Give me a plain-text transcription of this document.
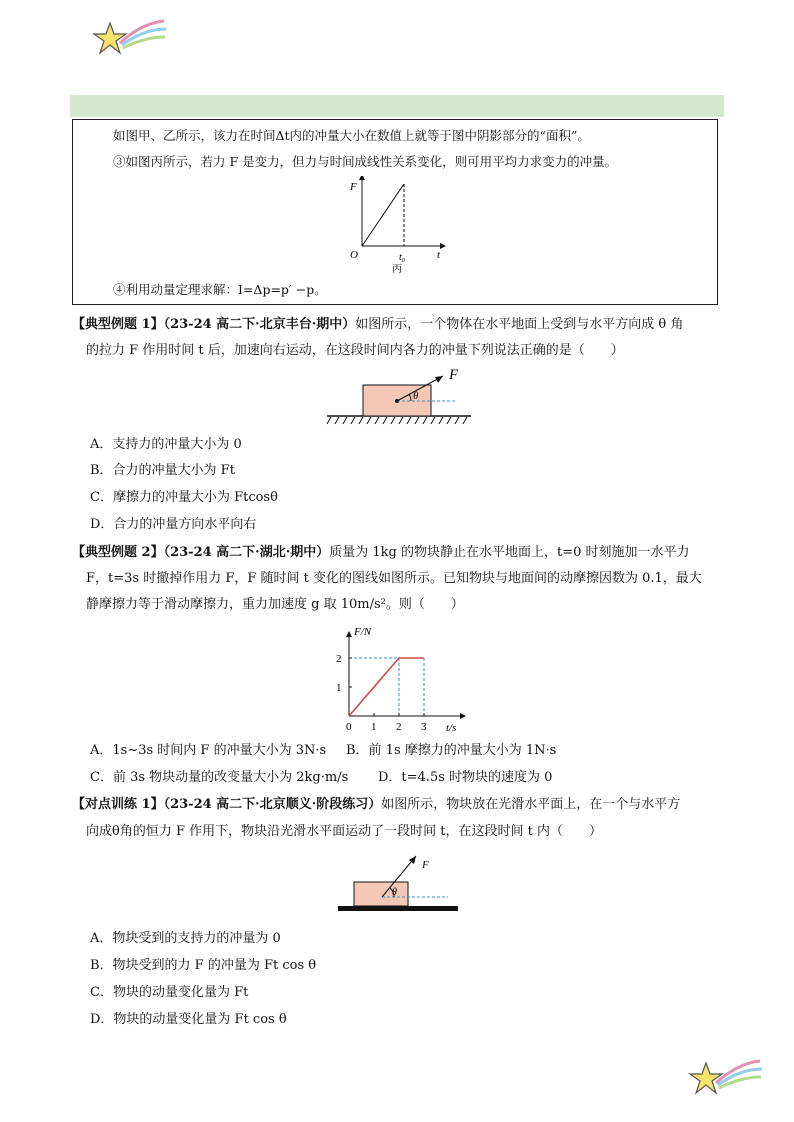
如图甲、乙所示，该力在时间Δt内的冲量大小在数值上就等于图中阴影部分的“面积”。
③如图丙所示，若力 F 是变力，但力与时间成线性关系变化，则可用平均力求变力的冲量。
F
t
O	t₀
丙
④利用动量定理求解：I=Δp=p′ −p。
【典型例题 1】（23-24 高二下·北京丰台·期中）如图所示，一个物体在水平地面上受到与水平方向成 θ 角
的拉力 F 作用时间 t 后，加速向右运动，在这段时间内各力的冲量下列说法正确的是（　　）
F
θ
A．支持力的冲量大小为 0
B．合力的冲量大小为 Ft
C．摩擦力的冲量大小为 Ftcosθ
D．合力的冲量方向水平向右
【典型例题 2】（23-24 高二下·湖北·期中）质量为 1kg 的物块静止在水平地面上，t=0 时刻施加一水平力
F，t=3s 时撤掉作用力 F，F 随时间 t 变化的图线如图所示。已知物块与地面间的动摩擦因数为 0.1，最大
静摩擦力等于滑动摩擦力，重力加速度 g 取 10m/s²。则（　　）
0 1 2 3
1
2
F/N
t/s
A．1s~3s 时间内 F 的冲量大小为 3N·s B．前 1s 摩擦力的冲量大小为 1N·s
C．前 3s 物块动量的改变量大小为 2kg·m/s D．t=4.5s 时物块的速度为 0
【对点训练 1】（23-24 高二下·北京顺义·阶段练习）如图所示，物块放在光滑水平面上，在一个与水平方
向成θ角的恒力 F 作用下，物块沿光滑水平面运动了一段时间 t，在这段时间 t 内（　　）
F
θ
A．物块受到的支持力的冲量为 0
B．物块受到的力 F 的冲量为 Ft cos θ
C．物块的动量变化量为 Ft
D．物块的动量变化量为 Ft cos θ
